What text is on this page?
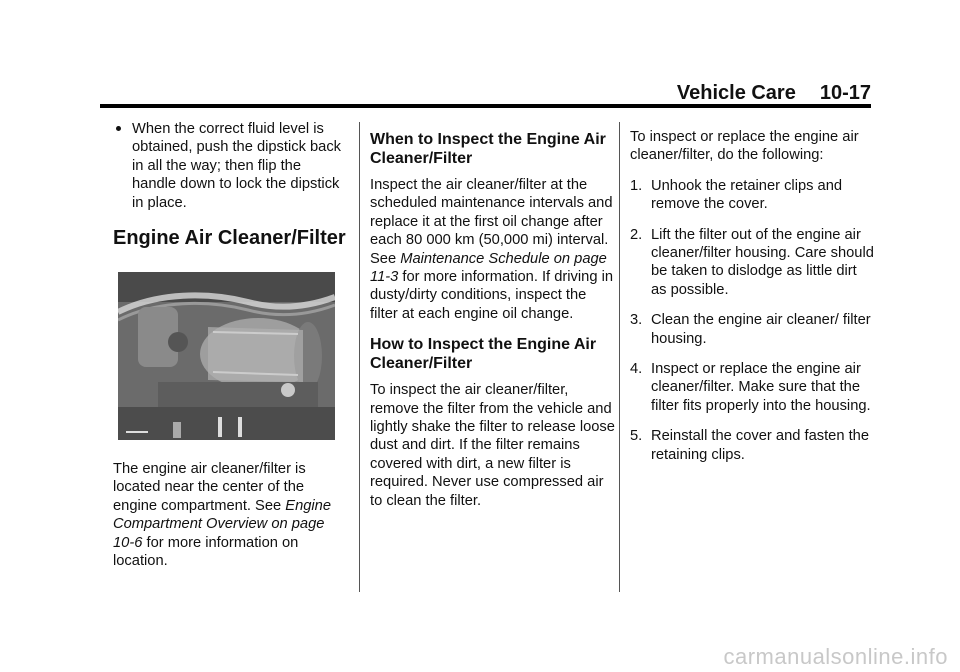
Vehicle Care 10-17
When the correct fluid level is obtained, push the dipstick back in all the way; then flip the handle down to lock the dipstick in place.
Engine Air Cleaner/Filter

The engine air cleaner/filter is located near the center of the engine compartment. See Engine Compartment Overview on page 10-6 for more information on location.

When to Inspect the Engine Air Cleaner/Filter

Inspect the air cleaner/filter at the scheduled maintenance intervals and replace it at the first oil change after each 80 000 km (50,000 mi) interval. See Maintenance Schedule on page 11-3 for more information. If driving in dusty/dirty conditions, inspect the filter at each engine oil change.

How to Inspect the Engine Air Cleaner/Filter

To inspect the air cleaner/filter, remove the filter from the vehicle and lightly shake the filter to release loose dust and dirt. If the filter remains covered with dirt, a new filter is required. Never use compressed air to clean the filter.

To inspect or replace the engine air cleaner/filter, do the following:

1. Unhook the retainer clips and remove the cover.
2. Lift the filter out of the engine air cleaner/filter housing. Care should be taken to dislodge as little dirt as possible.
3. Clean the engine air cleaner/ filter housing.
4. Inspect or replace the engine air cleaner/filter. Make sure that the filter fits properly into the housing.
5. Reinstall the cover and fasten the retaining clips.
carmanualsonline.info
